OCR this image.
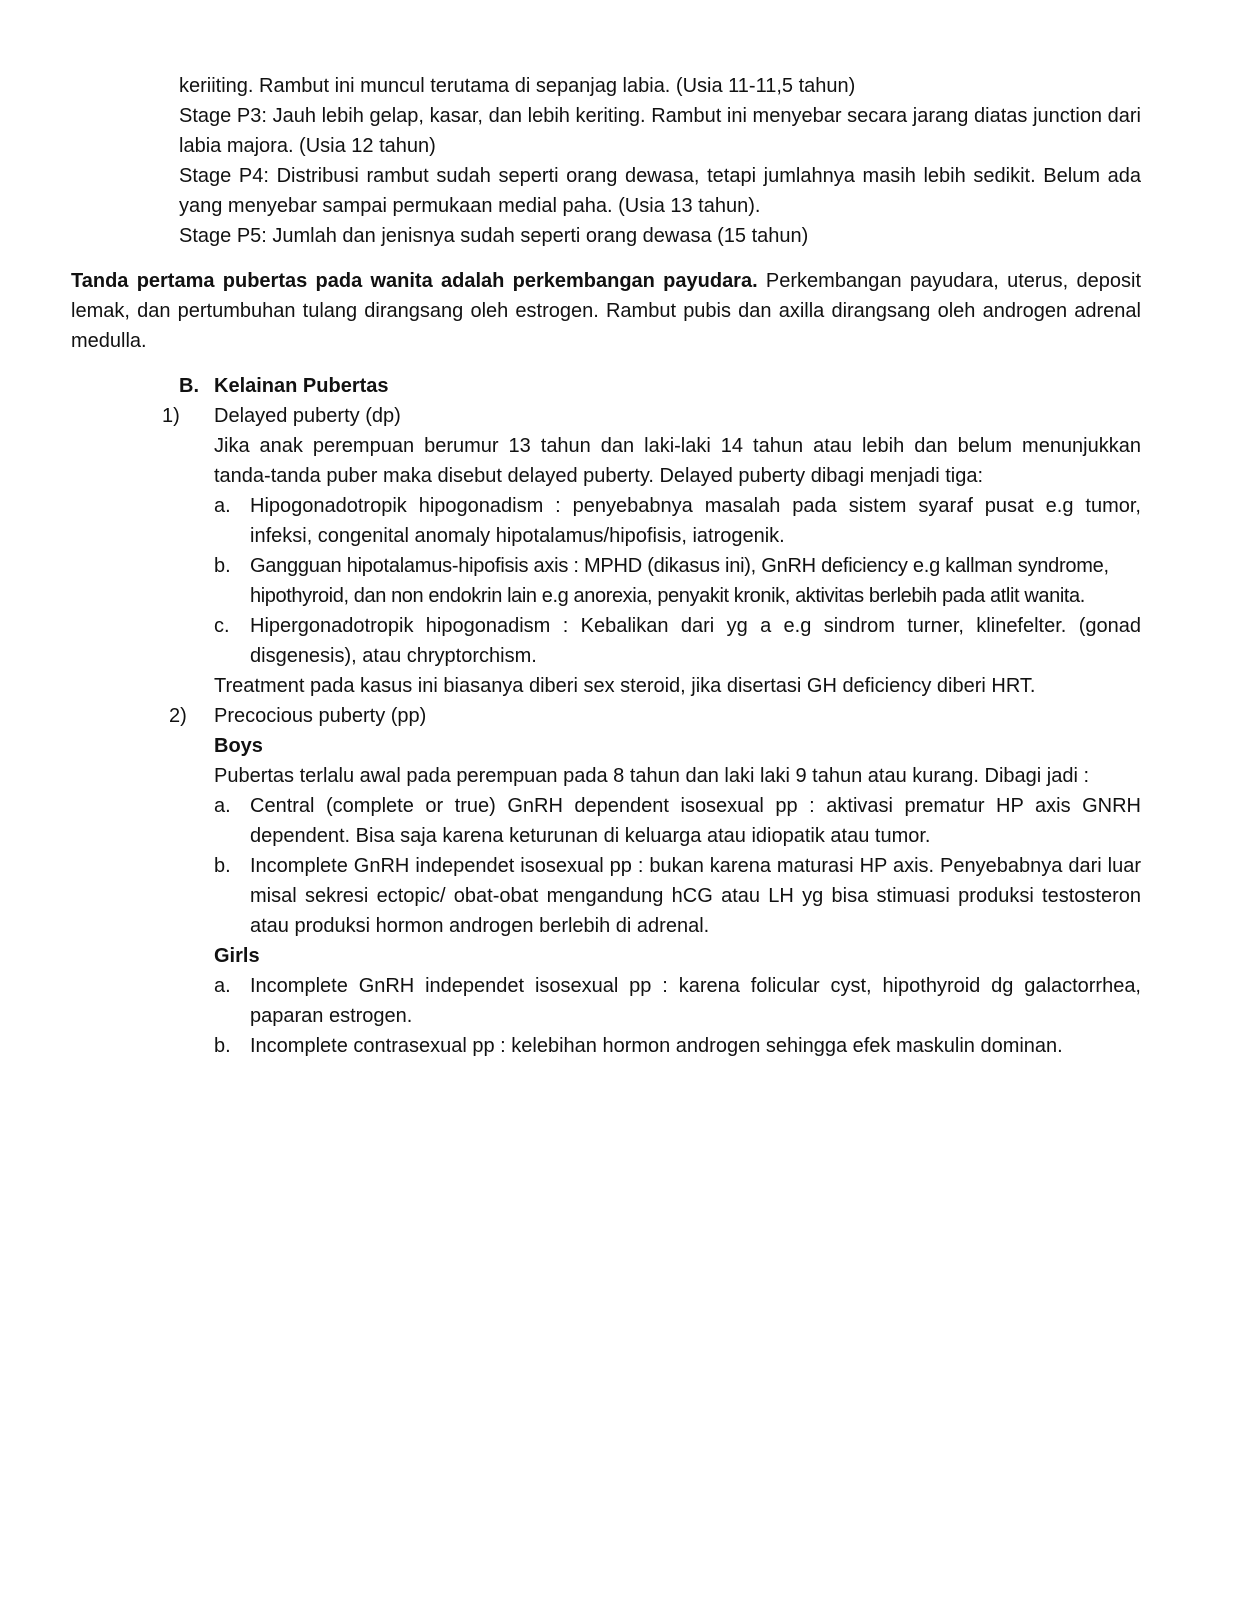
keriiting. Rambut ini muncul terutama di sepanjag labia. (Usia 11-11,5 tahun)
Stage P3: Jauh lebih gelap, kasar, dan lebih keriting. Rambut ini menyebar secara jarang diatas junction dari labia majora. (Usia 12 tahun)
Stage P4: Distribusi rambut sudah seperti orang dewasa, tetapi jumlahnya masih lebih sedikit. Belum ada yang menyebar sampai permukaan medial paha. (Usia 13 tahun).
Stage P5: Jumlah dan jenisnya sudah seperti orang dewasa (15 tahun)
Tanda pertama pubertas pada wanita adalah perkembangan payudara. Perkembangan payudara, uterus, deposit lemak, dan pertumbuhan tulang dirangsang oleh estrogen. Rambut pubis dan axilla dirangsang oleh androgen adrenal medulla.
B. Kelainan Pubertas
1) Delayed puberty (dp)
Jika anak perempuan berumur 13 tahun dan laki-laki 14 tahun atau lebih dan belum menunjukkan tanda-tanda puber maka disebut delayed puberty. Delayed puberty dibagi menjadi tiga:
a. Hipogonadotropik hipogonadism : penyebabnya masalah pada sistem syaraf pusat e.g tumor, infeksi, congenital anomaly hipotalamus/hipofisis, iatrogenik.
b. Gangguan hipotalamus-hipofisis axis : MPHD (dikasus ini), GnRH deficiency e.g kallman syndrome,
hipothyroid, dan non endokrin lain e.g anorexia, penyakit kronik, aktivitas berlebih pada atlit wanita.
c. Hipergonadotropik hipogonadism : Kebalikan dari yg a e.g sindrom turner, klinefelter. (gonad disgenesis), atau chryptorchism.
Treatment pada kasus ini biasanya diberi sex steroid, jika disertasi GH deficiency diberi HRT.
2) Precocious puberty (pp)
Boys
Pubertas terlalu awal pada perempuan pada 8 tahun dan laki laki 9 tahun atau kurang. Dibagi jadi :
a. Central (complete or true) GnRH dependent isosexual pp : aktivasi prematur HP axis GNRH dependent. Bisa saja karena keturunan di keluarga atau idiopatik atau tumor.
b. Incomplete GnRH independet isosexual pp : bukan karena maturasi HP axis. Penyebabnya dari luar misal sekresi ectopic/ obat-obat mengandung hCG atau LH yg bisa stimuasi produksi testosteron atau produksi hormon androgen berlebih di adrenal.
Girls
a. Incomplete GnRH independet isosexual pp : karena folicular cyst, hipothyroid dg galactorrhea, paparan estrogen.
b. Incomplete contrasexual pp : kelebihan hormon androgen sehingga efek maskulin dominan.
